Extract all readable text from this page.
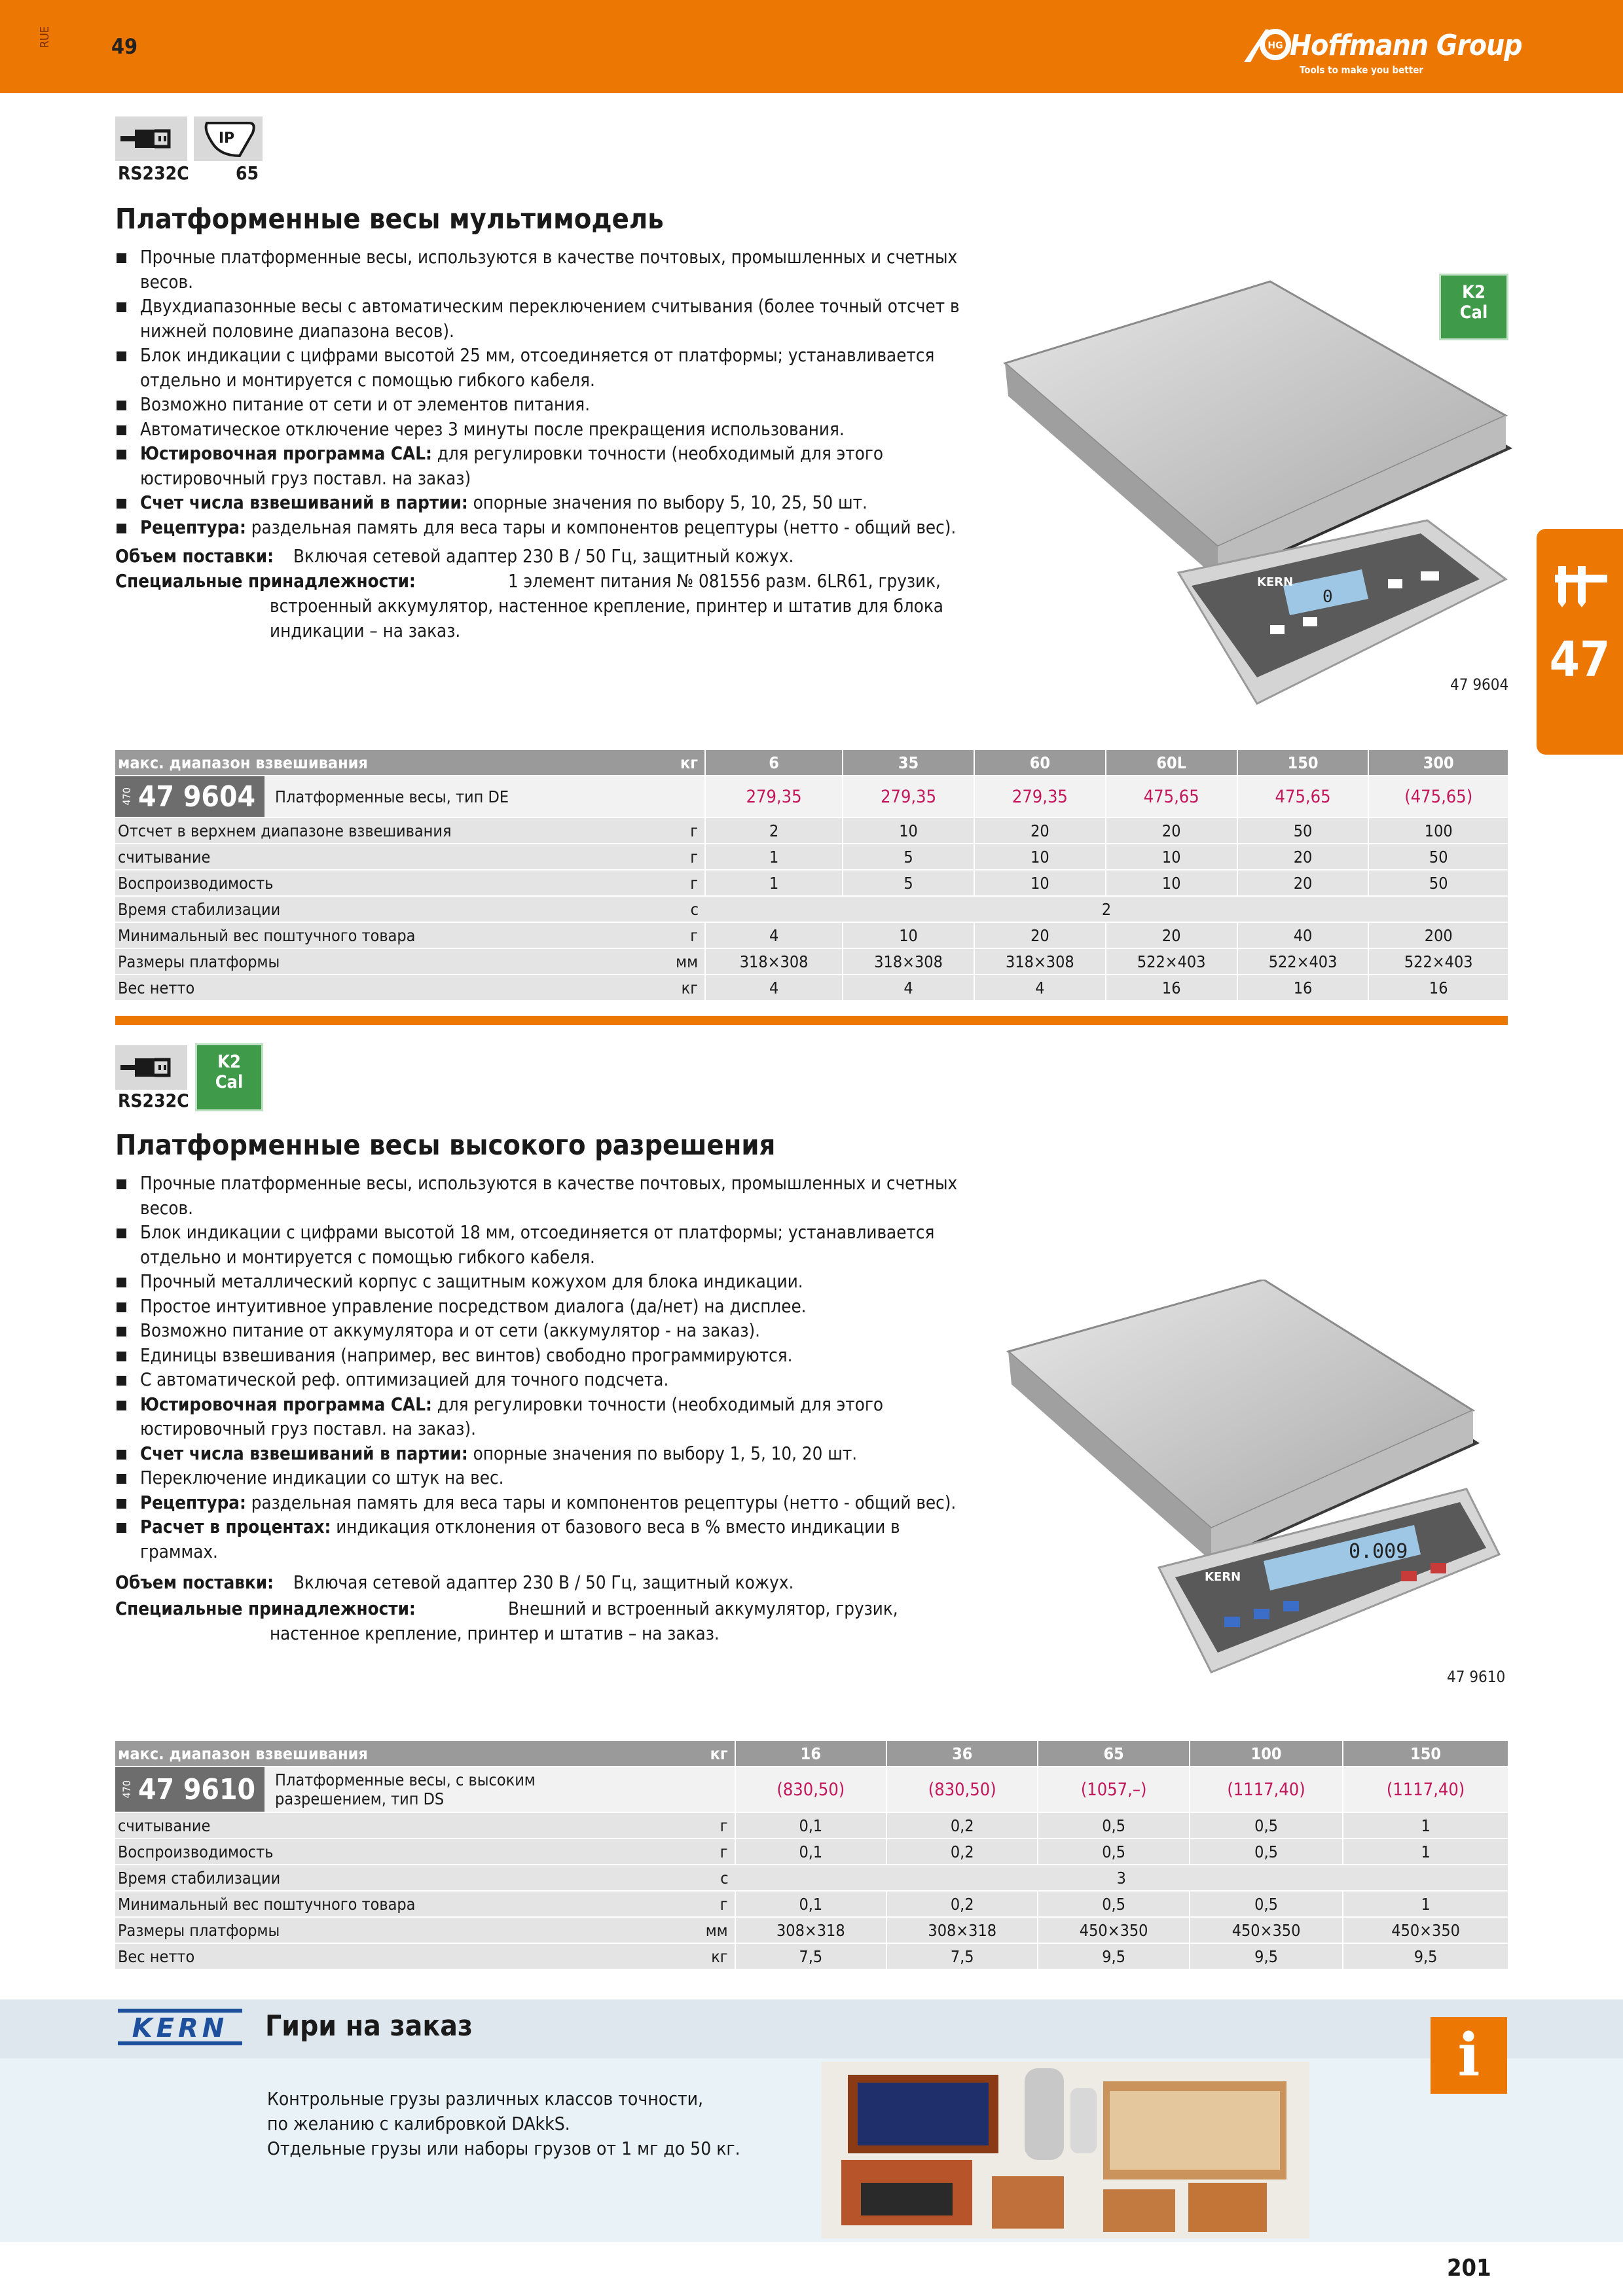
RUE	49	HG Hoffmann Group
Tools to make you better
47
RS232C
IP
65
Платформенные весы мультимодель
Прочные платформенные весы, используются в качестве почтовых, промышленных и счетных весов.
Двухдиапазонные весы с автоматическим переключением считывания (более точный отсчет в нижней половине диапазона весов).
Блок индикации с цифрами высотой 25 мм, отсоединяется от платформы; устанавливается отдельно и монтируется с помощью гибкого кабеля.
Возможно питание от сети и от элементов питания.
Автоматическое отключение через 3 минуты после прекращения использования.
Юстировочная программа CAL: для регулировки точности (необходимый для этого юстировочный груз поставл. на заказ)
Счет числа взвешиваний в партии: опорные значения по выбору 5, 10, 25, 50 шт.
Рецептура: раздельная память для веса тары и компонентов рецептуры (нетто - общий вес).
Объем поставки: Включая сетевой адаптер 230 В / 50 Гц, защитный кожух.
Специальные принадлежности:	1 элемент питания № 081556 разм. 6LR61, грузик,
встроенный аккумулятор, настенное крепление, принтер и штатив для блока
индикации – на заказ.
K2
Cal
KERN
0
47 9604
макс. диапазон взвешивания	кг	6	35	60	60L	150	300

470 47 9604 Платформенные весы, тип DE		279,35	279,35	279,35	475,65	475,65	(475,65)
Отсчет в верхнем диапазоне взвешивания	г	2	10	20	20	50	100
считывание	г	1	5	10	10	20	50
Воспроизводимость	г	1	5	10	10	20	50
Время стабилизации	с	2					
Минимальный вес поштучного товара	г	4	10	20	20	40	200
Размеры платформы	мм	318×308	318×308	318×308	522×403	522×403	522×403
Вес нетто	кг	4	4	4	16	16	16
RS232C
K2
Cal
Платформенные весы высокого разрешения
Прочные платформенные весы, используются в качестве почтовых, промышленных и счетных весов.
Блок индикации с цифрами высотой 18 мм, отсоединяется от платформы; устанавливается отдельно и монтируется с помощью гибкого кабеля.
Прочный металлический корпус с защитным кожухом для блока индикации.
Простое интуитивное управление посредством диалога (да/нет) на дисплее.
Возможно питание от аккумулятора и от сети (аккумулятор - на заказ).
Единицы взвешивания (например, вес винтов) свободно программируются.
С автоматической реф. оптимизацией для точного подсчета.
Юстировочная программа CAL: для регулировки точности (необходимый для этого юстировочный груз поставл. на заказ).
Счет числа взвешиваний в партии: опорные значения по выбору 1, 5, 10, 20 шт.
Переключение индикации со штук на вес.
Рецептура: раздельная память для веса тары и компонентов рецептуры (нетто - общий вес).
Расчет в процентах: индикация отклонения от базового веса в % вместо индикации в граммах.
Объем поставки: Включая сетевой адаптер 230 В / 50 Гц, защитный кожух.
Специальные принадлежности:	Внешний и встроенный аккумулятор, грузик,
настенное крепление, принтер и штатив – на заказ.
KERN
0.009
47 9610
макс. диапазон взвешивания	кг	16	36	65	100	150

470 47 9610 Платформенные весы, с высоким разрешением, тип DS		(830,50)	(830,50)	(1057,–)	(1117,40)	(1117,40)
считывание	г	0,1	0,2	0,5	0,5	1
Воспроизводимость	г	0,1	0,2	0,5	0,5	1
Время стабилизации	с	3				
Минимальный вес поштучного товара	г	0,1	0,2	0,5	0,5	1
Размеры платформы	мм	308×318	308×318	450×350	450×350	450×350
Вес нетто	кг	7,5	7,5	9,5	9,5	9,5
KERN Гири на заказ	i
Контрольные грузы различных классов точности,
по желанию с калибровкой DAkkS.
Отдельные грузы или наборы грузов от 1 мг до 50 кг.
201
